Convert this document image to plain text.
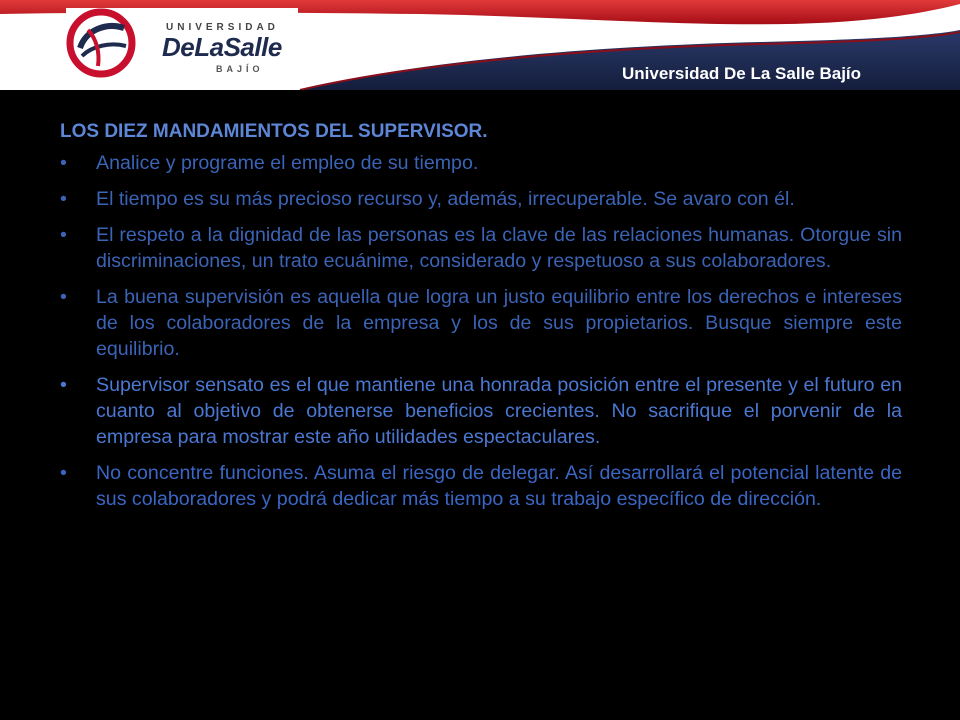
UNIVERSIDAD
DeLaSalle
BAJÍO	Universidad De La Salle Bajío
LOS DIEZ MANDAMIENTOS DEL SUPERVISOR.
• Analice y programe el empleo de su tiempo.
• El tiempo es su más precioso recurso y, además, irrecuperable. Se avaro con él.
• El respeto a la dignidad de las personas es la clave de las relaciones humanas. Otorgue sin discriminaciones, un trato ecuánime, considerado y respetuoso a sus colaboradores.
• La buena supervisión es aquella que logra un justo equilibrio entre los derechos e intereses de los colaboradores de la empresa y los de sus propietarios. Busque siempre este equilibrio.
• Supervisor sensato es el que mantiene una honrada posición entre el presente y el futuro en cuanto al objetivo de obtenerse beneficios crecientes. No sacrifique el porvenir de la empresa para mostrar este año utilidades espectaculares.
• No concentre funciones. Asuma el riesgo de delegar. Así desarrollará el potencial latente de sus colaboradores y podrá dedicar más tiempo a su trabajo específico de dirección.
